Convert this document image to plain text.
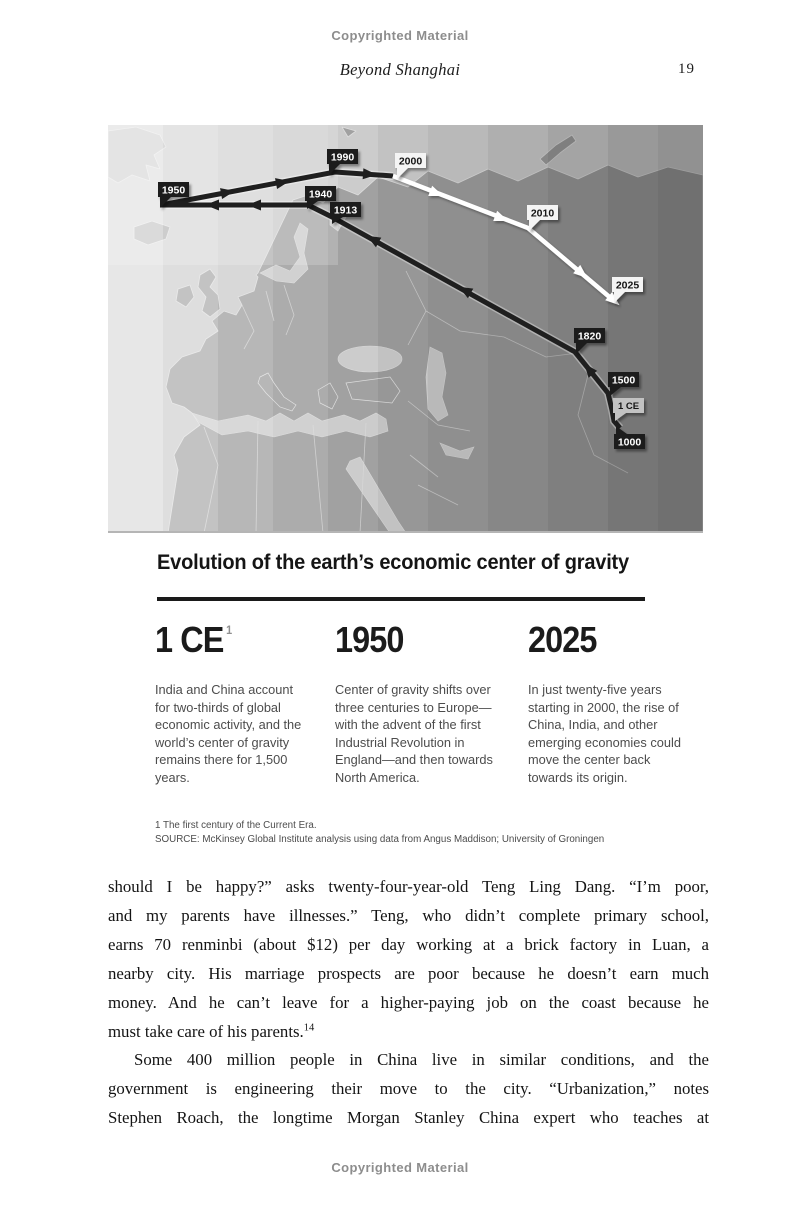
Copyrighted Material
Beyond Shanghai	19
1950
1990	2000
1940
1913	2010
2025
1820
1500
1 CE
1000
Evolution of the earth’s economic center of gravity
1 CE $^1$	1950	2025
India and China account for two-thirds of global economic activity, and the world’s center of gravity remains there for 1,500 years.
Center of gravity shifts over three centuries to Europe—with the advent of the first Industrial Revolution in England—and then towards North America.
In just twenty-five years starting in 2000, the rise of China, India, and other emerging economies could move the center back towards its origin.
1 The first century of the Current Era.
SOURCE: McKinsey Global Institute analysis using data from Angus Maddison; University of Groningen
should I be happy?” asks twenty-four-year-old Teng Ling Dang. “I’m poor,
and my parents have illnesses.” Teng, who didn’t complete primary school,
earns 70 renminbi (about $12) per day working at a brick factory in Luan, a
nearby city. His marriage prospects are poor because he doesn’t earn much
money. And he can’t leave for a higher-paying job on the coast because he
must take care of his parents.$^{14}$
Some 400 million people in China live in similar conditions, and the
government is engineering their move to the city. “Urbanization,” notes
Stephen Roach, the longtime Morgan Stanley China expert who teaches at
Copyrighted Material
